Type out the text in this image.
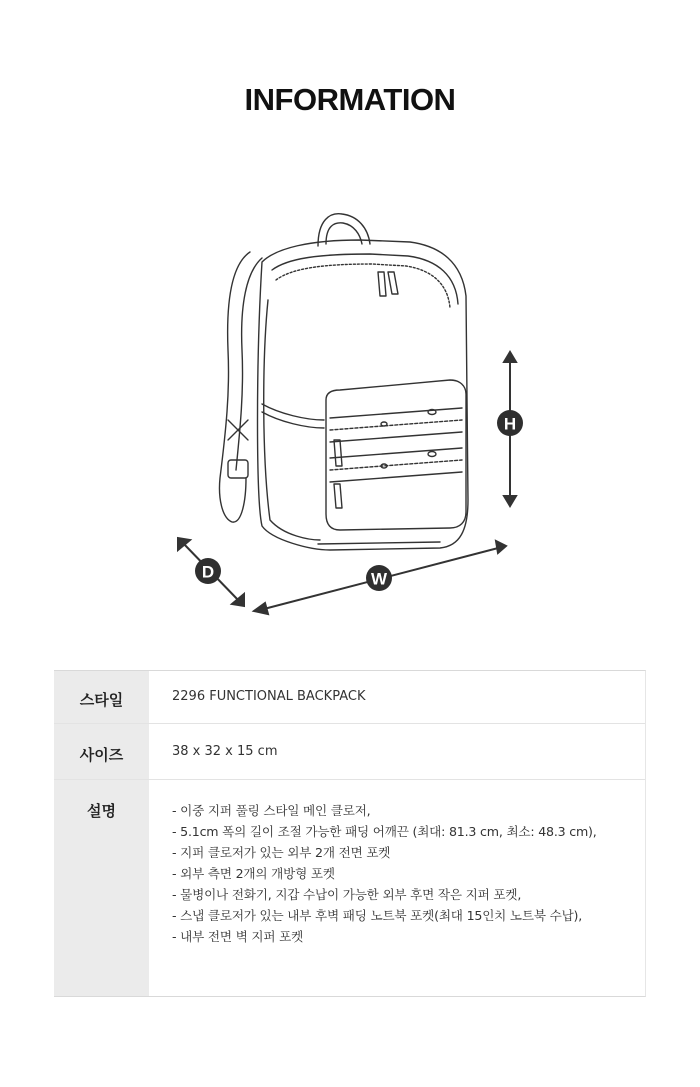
INFORMATION
H
W
D
스타일	2296 FUNCTIONAL BACKPACK
사이즈	38 x 32 x 15 cm
설명	- 이중 지퍼 풀링 스타일 메인 클로저,
- 5.1cm 폭의 길이 조절 가능한 패딩 어깨끈 (최대: 81.3 cm, 최소: 48.3 cm),
- 지퍼 클로저가 있는 외부 2개 전면 포켓
- 외부 측면 2개의 개방형 포켓
- 물병이나 전화기, 지갑 수납이 가능한 외부 후면 작은 지퍼 포켓,
- 스냅 클로저가 있는 내부 후벽 패딩 노트북 포켓(최대 15인치 노트북 수납),
- 내부 전면 벽 지퍼 포켓
